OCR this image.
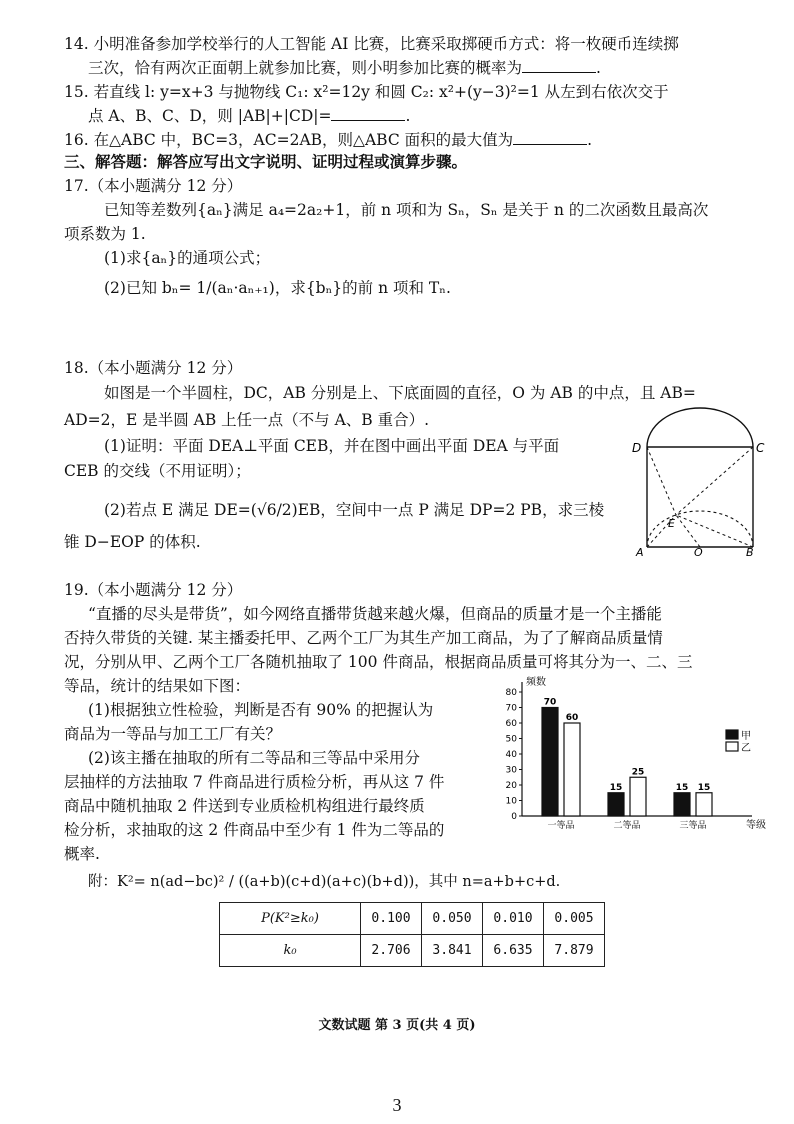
14. 小明准备参加学校举行的人工智能 AI 比赛，比赛采取掷硬币方式：将一枚硬币连续掷
三次，恰有两次正面朝上就参加比赛，则小明参加比赛的概率为	.
15. 若直线 l: y=x+3 与抛物线 C₁: x²=12y 和圆 C₂: x²+(y−3)²=1 从左到右依次交于
点 A、B、C、D，则 |AB|+|CD|=	.
16. 在△ABC 中，BC=3，AC=2AB，则△ABC 面积的最大值为	.
三、解答题：解答应写出文字说明、证明过程或演算步骤。
17.（本小题满分 12 分）
已知等差数列{aₙ}满足 a₄=2a₂+1，前 n 项和为 Sₙ，Sₙ 是关于 n 的二次函数且最高次
项系数为 1.
(1)求{aₙ}的通项公式；
(2)已知 bₙ= 1/(aₙ·aₙ₊₁)，求{bₙ}的前 n 项和 Tₙ.
18.（本小题满分 12 分）
如图是一个半圆柱，DC，AB 分别是上、下底面圆的直径，O 为 AB 的中点，且 AB=
AD=2，E 是半圆 AB 上任一点（不与 A、B 重合）.
(1)证明：平面 DEA⊥平面 CEB，并在图中画出平面 DEA 与平面
CEB 的交线（不用证明）；
(2)若点 E 满足 DE=(√6/2)EB，空间中一点 P 满足 DP=2 PB，求三棱
锥 D−EOP 的体积.
D	C
E
A	O	B
19.（本小题满分 12 分）
“直播的尽头是带货”，如今网络直播带货越来越火爆，但商品的质量才是一个主播能
否持久带货的关键. 某主播委托甲、乙两个工厂为其生产加工商品，为了了解商品质量情
况，分别从甲、乙两个工厂各随机抽取了 100 件商品，根据商品质量可将其分为一、二、三
等品，统计的结果如下图：
(1)根据独立性检验，判断是否有 90% 的把握认为
商品为一等品与加工工厂有关？
(2)该主播在抽取的所有二等品和三等品中采用分
层抽样的方法抽取 7 件商品进行质检分析，再从这 7 件
商品中随机抽取 2 件送到专业质检机构组进行最终质
检分析，求抽取的这 2 件商品中至少有 1 件为二等品的
概率.
0
10
20
30
40
50
60
70
80
频数
等级
70
60
一等品
15
25
二等品
15 15
三等品
甲
乙
附：K²= n(ad−bc)² / ((a+b)(c+d)(a+c)(b+d))，其中 n=a+b+c+d.
P(K²≥k₀)	0.100	0.050	0.010	0.005
k₀	2.706	3.841	6.635	7.879
文数试题 第 3 页(共 4 页)
3
